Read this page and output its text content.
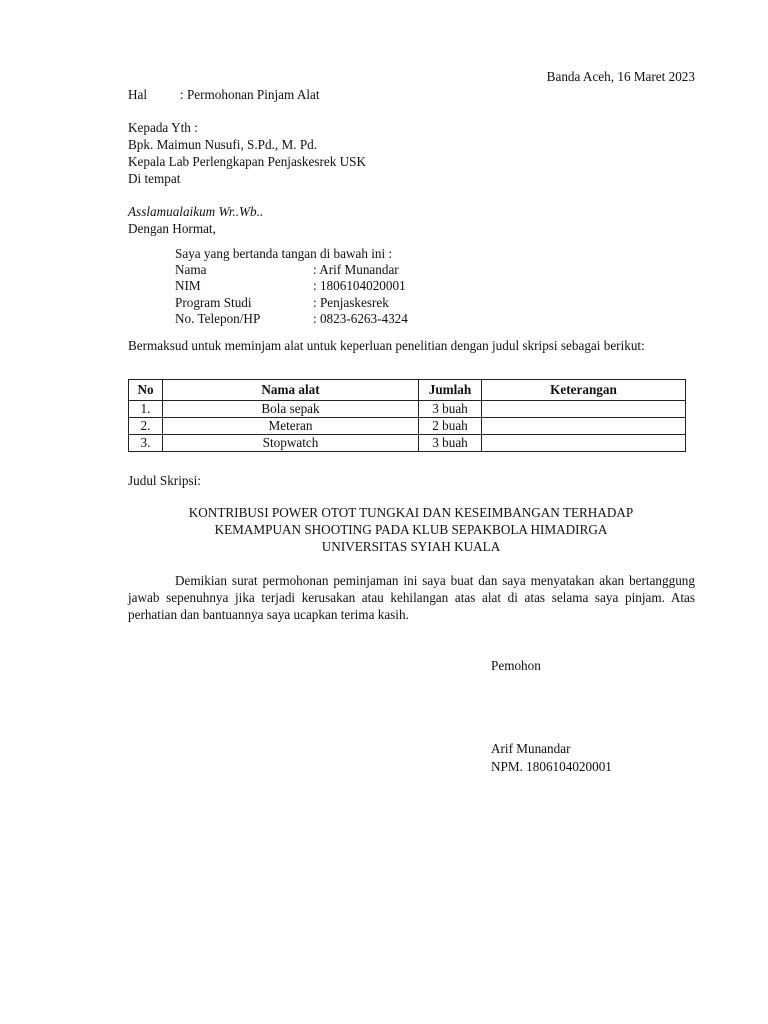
Banda Aceh, 16 Maret 2023
Hal : Permohonan Pinjam Alat
Kepada Yth :
Bpk. Maimun Nusufi, S.Pd., M. Pd.
Kepala Lab Perlengkapan Penjaskesrek USK
Di tempat
Asslamualaikum Wr..Wb..
Dengan Hormat,
Saya yang bertanda tangan di bawah ini :
Nama	: Arif Munandar
NIM	: 1806104020001
Program Studi	: Penjaskesrek
No. Telepon/HP	: 0823-6263-4324
Bermaksud untuk meminjam alat untuk keperluan penelitian dengan judul skripsi sebagai berikut:
No	Nama alat	Jumlah	Keterangan
1.	Bola sepak	3 buah	
2.	Meteran	2 buah	
3.	Stopwatch	3 buah	
Judul Skripsi:
KONTRIBUSI POWER OTOT TUNGKAI DAN KESEIMBANGAN TERHADAP
KEMAMPUAN SHOOTING PADA KLUB SEPAKBOLA HIMADIRGA
UNIVERSITAS SYIAH KUALA
Demikian surat permohonan peminjaman ini saya buat dan saya menyatakan akan bertanggung jawab sepenuhnya jika terjadi kerusakan atau kehilangan atas alat di atas selama saya pinjam. Atas perhatian dan bantuannya saya ucapkan terima kasih.
Pemohon
Arif Munandar
NPM. 1806104020001
